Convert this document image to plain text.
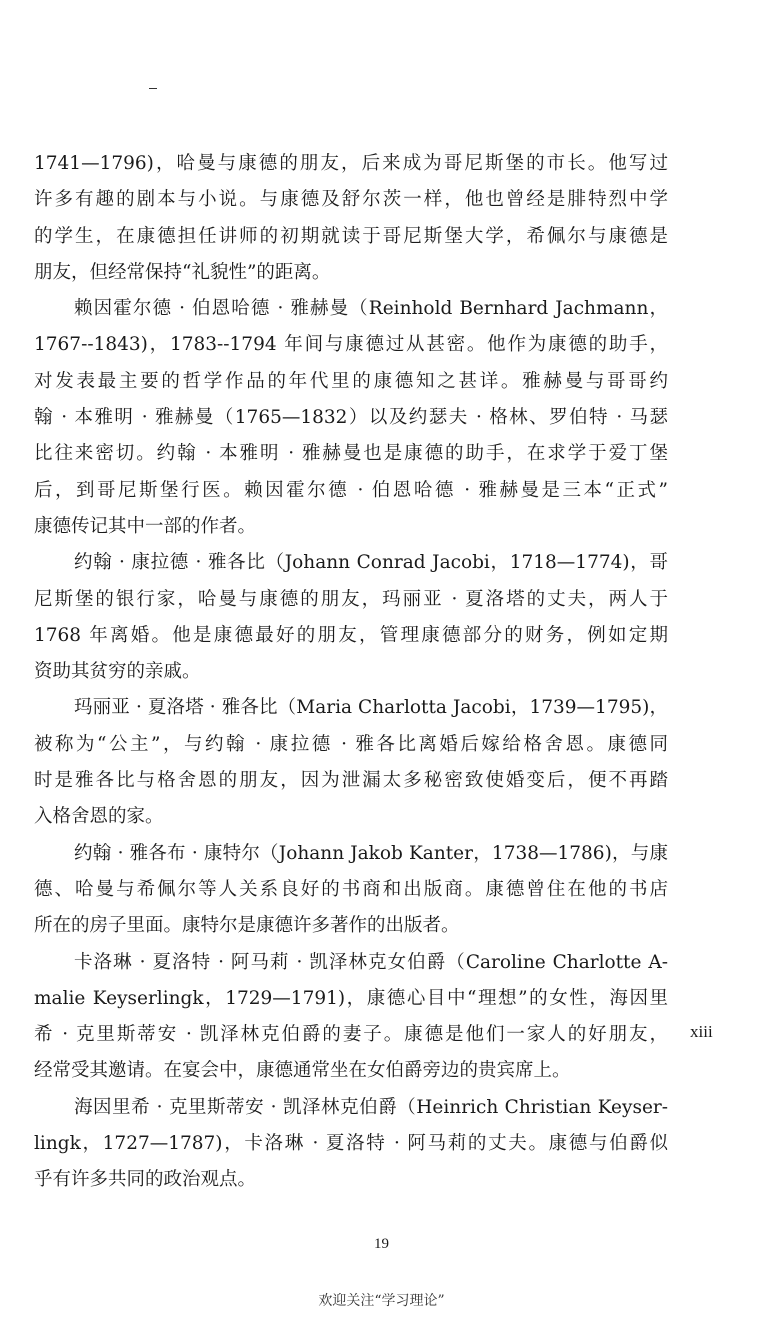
1741—1796)，哈曼与康德的朋友，后来成为哥尼斯堡的市长。他写过
许多有趣的剧本与小说。与康德及舒尔茨一样，他也曾经是腓特烈中学
的学生，在康德担任讲师的初期就读于哥尼斯堡大学，希佩尔与康德是
朋友，但经常保持“礼貌性”的距离。
赖因霍尔德 · 伯恩哈德 · 雅赫曼（Reinhold Bernhard Jachmann，
1767--1843)，1783--1794 年间与康德过从甚密。他作为康德的助手，
对发表最主要的哲学作品的年代里的康德知之甚详。雅赫曼与哥哥约
翰 · 本雅明 · 雅赫曼（1765—1832）以及约瑟夫 · 格林、罗伯特 · 马瑟
比往来密切。约翰 · 本雅明 · 雅赫曼也是康德的助手，在求学于爱丁堡
后，到哥尼斯堡行医。赖因霍尔德 · 伯恩哈德 · 雅赫曼是三本“正式”
康德传记其中一部的作者。
约翰 · 康拉德 · 雅各比（Johann Conrad Jacobi，1718—1774)，哥
尼斯堡的银行家，哈曼与康德的朋友，玛丽亚 · 夏洛塔的丈夫，两人于
1768 年离婚。他是康德最好的朋友，管理康德部分的财务，例如定期
资助其贫穷的亲戚。
玛丽亚 · 夏洛塔 · 雅各比（Maria Charlotta Jacobi，1739—1795)，
被称为“公主”，与约翰 · 康拉德 · 雅各比离婚后嫁给格舍恩。康德同
时是雅各比与格舍恩的朋友，因为泄漏太多秘密致使婚变后，便不再踏
入格舍恩的家。
约翰 · 雅各布 · 康特尔（Johann Jakob Kanter，1738—1786)，与康
德、哈曼与希佩尔等人关系良好的书商和出版商。康德曾住在他的书店
所在的房子里面。康特尔是康德许多著作的出版者。
卡洛琳 · 夏洛特 · 阿马莉 · 凯泽林克女伯爵（Caroline Charlotte A-
malie Keyserlingk，1729—1791)，康德心目中“理想”的女性，海因里
希 · 克里斯蒂安 · 凯泽林克伯爵的妻子。康德是他们一家人的好朋友，
经常受其邀请。在宴会中，康德通常坐在女伯爵旁边的贵宾席上。
海因里希 · 克里斯蒂安 · 凯泽林克伯爵（Heinrich Christian Keyser-
lingk，1727—1787)，卡洛琳 · 夏洛特 · 阿马莉的丈夫。康德与伯爵似
乎有许多共同的政治观点。
xiii
19
欢迎关注“学习理论”
